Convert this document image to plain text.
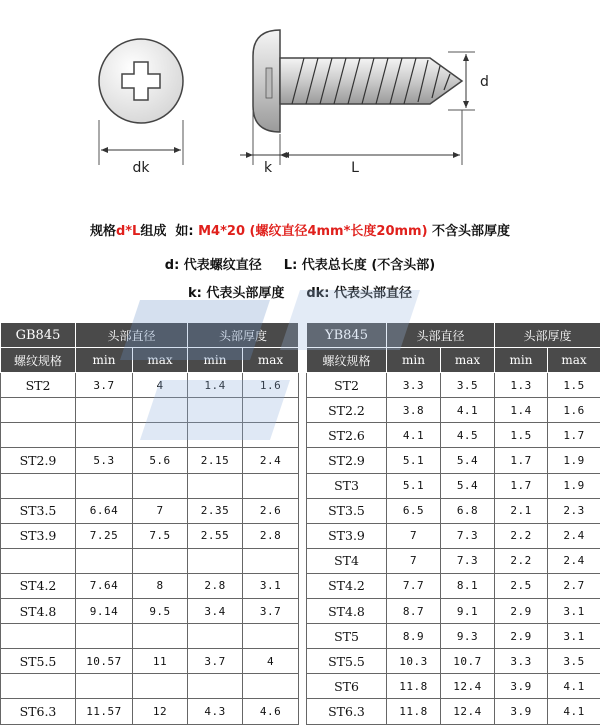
dk	k	L
d
规格d*L组成  如: M4*20 (螺纹直径4mm*长度20mm) 不含头部厚度
d: 代表螺纹直径 L: 代表总长度 (不含头部)
k: 代表头部厚度 dk: 代表头部直径
GB845	头部直径		头部厚度	
螺纹规格	min	max	min	max
ST2	3.7	4	1.4	1.6

ST2.9	5.3	5.6	2.15	2.4

ST3.5	6.64	7	2.35	2.6
ST3.9	7.25	7.5	2.55	2.8

ST4.2	7.64	8	2.8	3.1
ST4.8	9.14	9.5	3.4	3.7

ST5.5	10.57	11	3.7	4

ST6.3	11.57	12	4.3	4.6
YB845	头部直径		头部厚度	
螺纹规格	min	max	min	max
ST2	3.3	3.5	1.3	1.5
ST2.2	3.8	4.1	1.4	1.6
ST2.6	4.1	4.5	1.5	1.7
ST2.9	5.1	5.4	1.7	1.9
ST3	5.1	5.4	1.7	1.9
ST3.5	6.5	6.8	2.1	2.3
ST3.9	7	7.3	2.2	2.4
ST4	7	7.3	2.2	2.4
ST4.2	7.7	8.1	2.5	2.7
ST4.8	8.7	9.1	2.9	3.1
ST5	8.9	9.3	2.9	3.1
ST5.5	10.3	10.7	3.3	3.5
ST6	11.8	12.4	3.9	4.1
ST6.3	11.8	12.4	3.9	4.1
